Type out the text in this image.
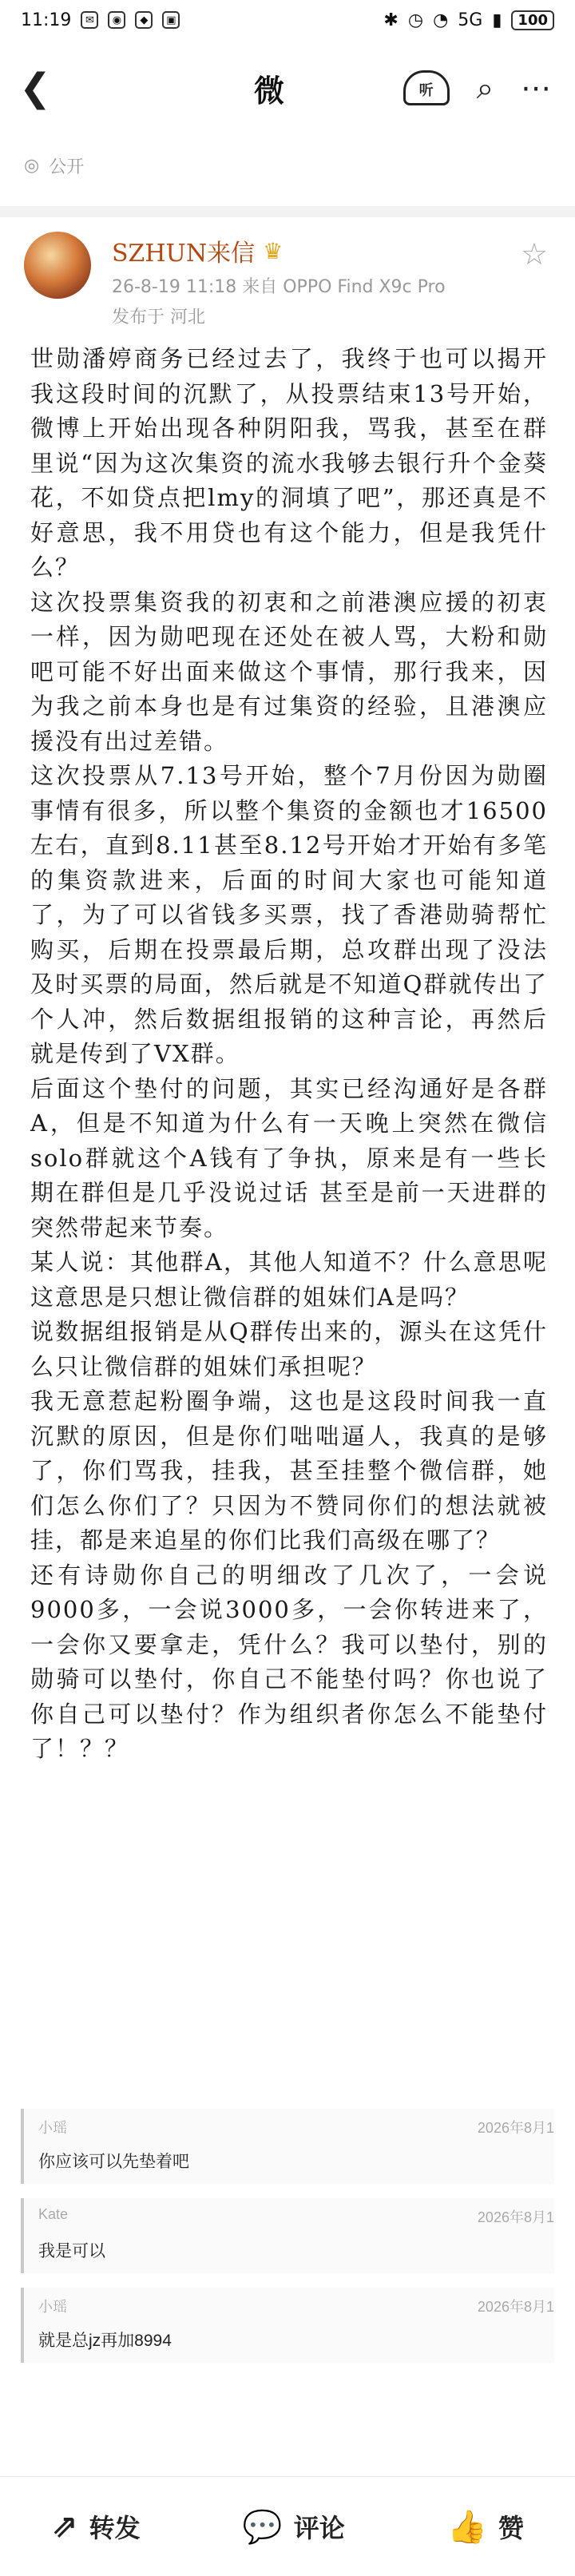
11:19	✉	◉	◆	▣	✱ ◷ ◔ 5G ▮	100
❮	微	听 ⌕ ⋯
◎ 公开
SZHUN来信 ♛
26-8-19 11:18 来自 OPPO Find X9c Pro
发布于 河北
☆

世勋潘婷商务已经过去了，我终于也可以揭开我这段时间的沉默了，从投票结束13号开始，微博上开始出现各种阴阳我，骂我，甚至在群里说“因为这次集资的流水我够去银行升个金葵花，不如贷点把lmy的洞填了吧”，那还真是不好意思，我不用贷也有这个能力，但是我凭什么？

这次投票集资我的初衷和之前港澳应援的初衷一样，因为勋吧现在还处在被人骂，大粉和勋吧可能不好出面来做这个事情，那行我来，因为我之前本身也是有过集资的经验，且港澳应援没有出过差错。

这次投票从7.13号开始，整个7月份因为勋圈事情有很多，所以整个集资的金额也才16500左右，直到8.11甚至8.12号开始才开始有多笔的集资款进来，后面的时间大家也可能知道了，为了可以省钱多买票，找了香港勋骑帮忙购买，后期在投票最后期，总攻群出现了没法及时买票的局面，然后就是不知道Q群就传出了个人冲，然后数据组报销的这种言论，再然后就是传到了VX群。

后面这个垫付的问题，其实已经沟通好是各群A，但是不知道为什么有一天晚上突然在微信solo群就这个A钱有了争执，原来是有一些长期在群但是几乎没说过话 甚至是前一天进群的突然带起来节奏。

某人说：其他群A，其他人知道不？什么意思呢 这意思是只想让微信群的姐妹们A是吗？

说数据组报销是从Q群传出来的，源头在这凭什么只让微信群的姐妹们承担呢？

我无意惹起粉圈争端，这也是这段时间我一直沉默的原因，但是你们咄咄逼人，我真的是够了，你们骂我，挂我，甚至挂整个微信群，她们怎么你们了？只因为不赞同你们的想法就被挂，都是来追星的你们比我们高级在哪了？

还有诗勋你自己的明细改了几次了，一会说9000多，一会说3000多，一会你转进来了，一会你又要拿走，凭什么？我可以垫付，别的勋骑可以垫付，你自己不能垫付吗？你也说了你自己可以垫付？作为组织者你怎么不能垫付了！？？

小瑶	2026年8月1
你应该可以先垫着吧
Kate	2026年8月1
我是可以
小瑶	2026年8月1
就是总jz再加8994
⇗ 转发	💬 评论	👍 赞
